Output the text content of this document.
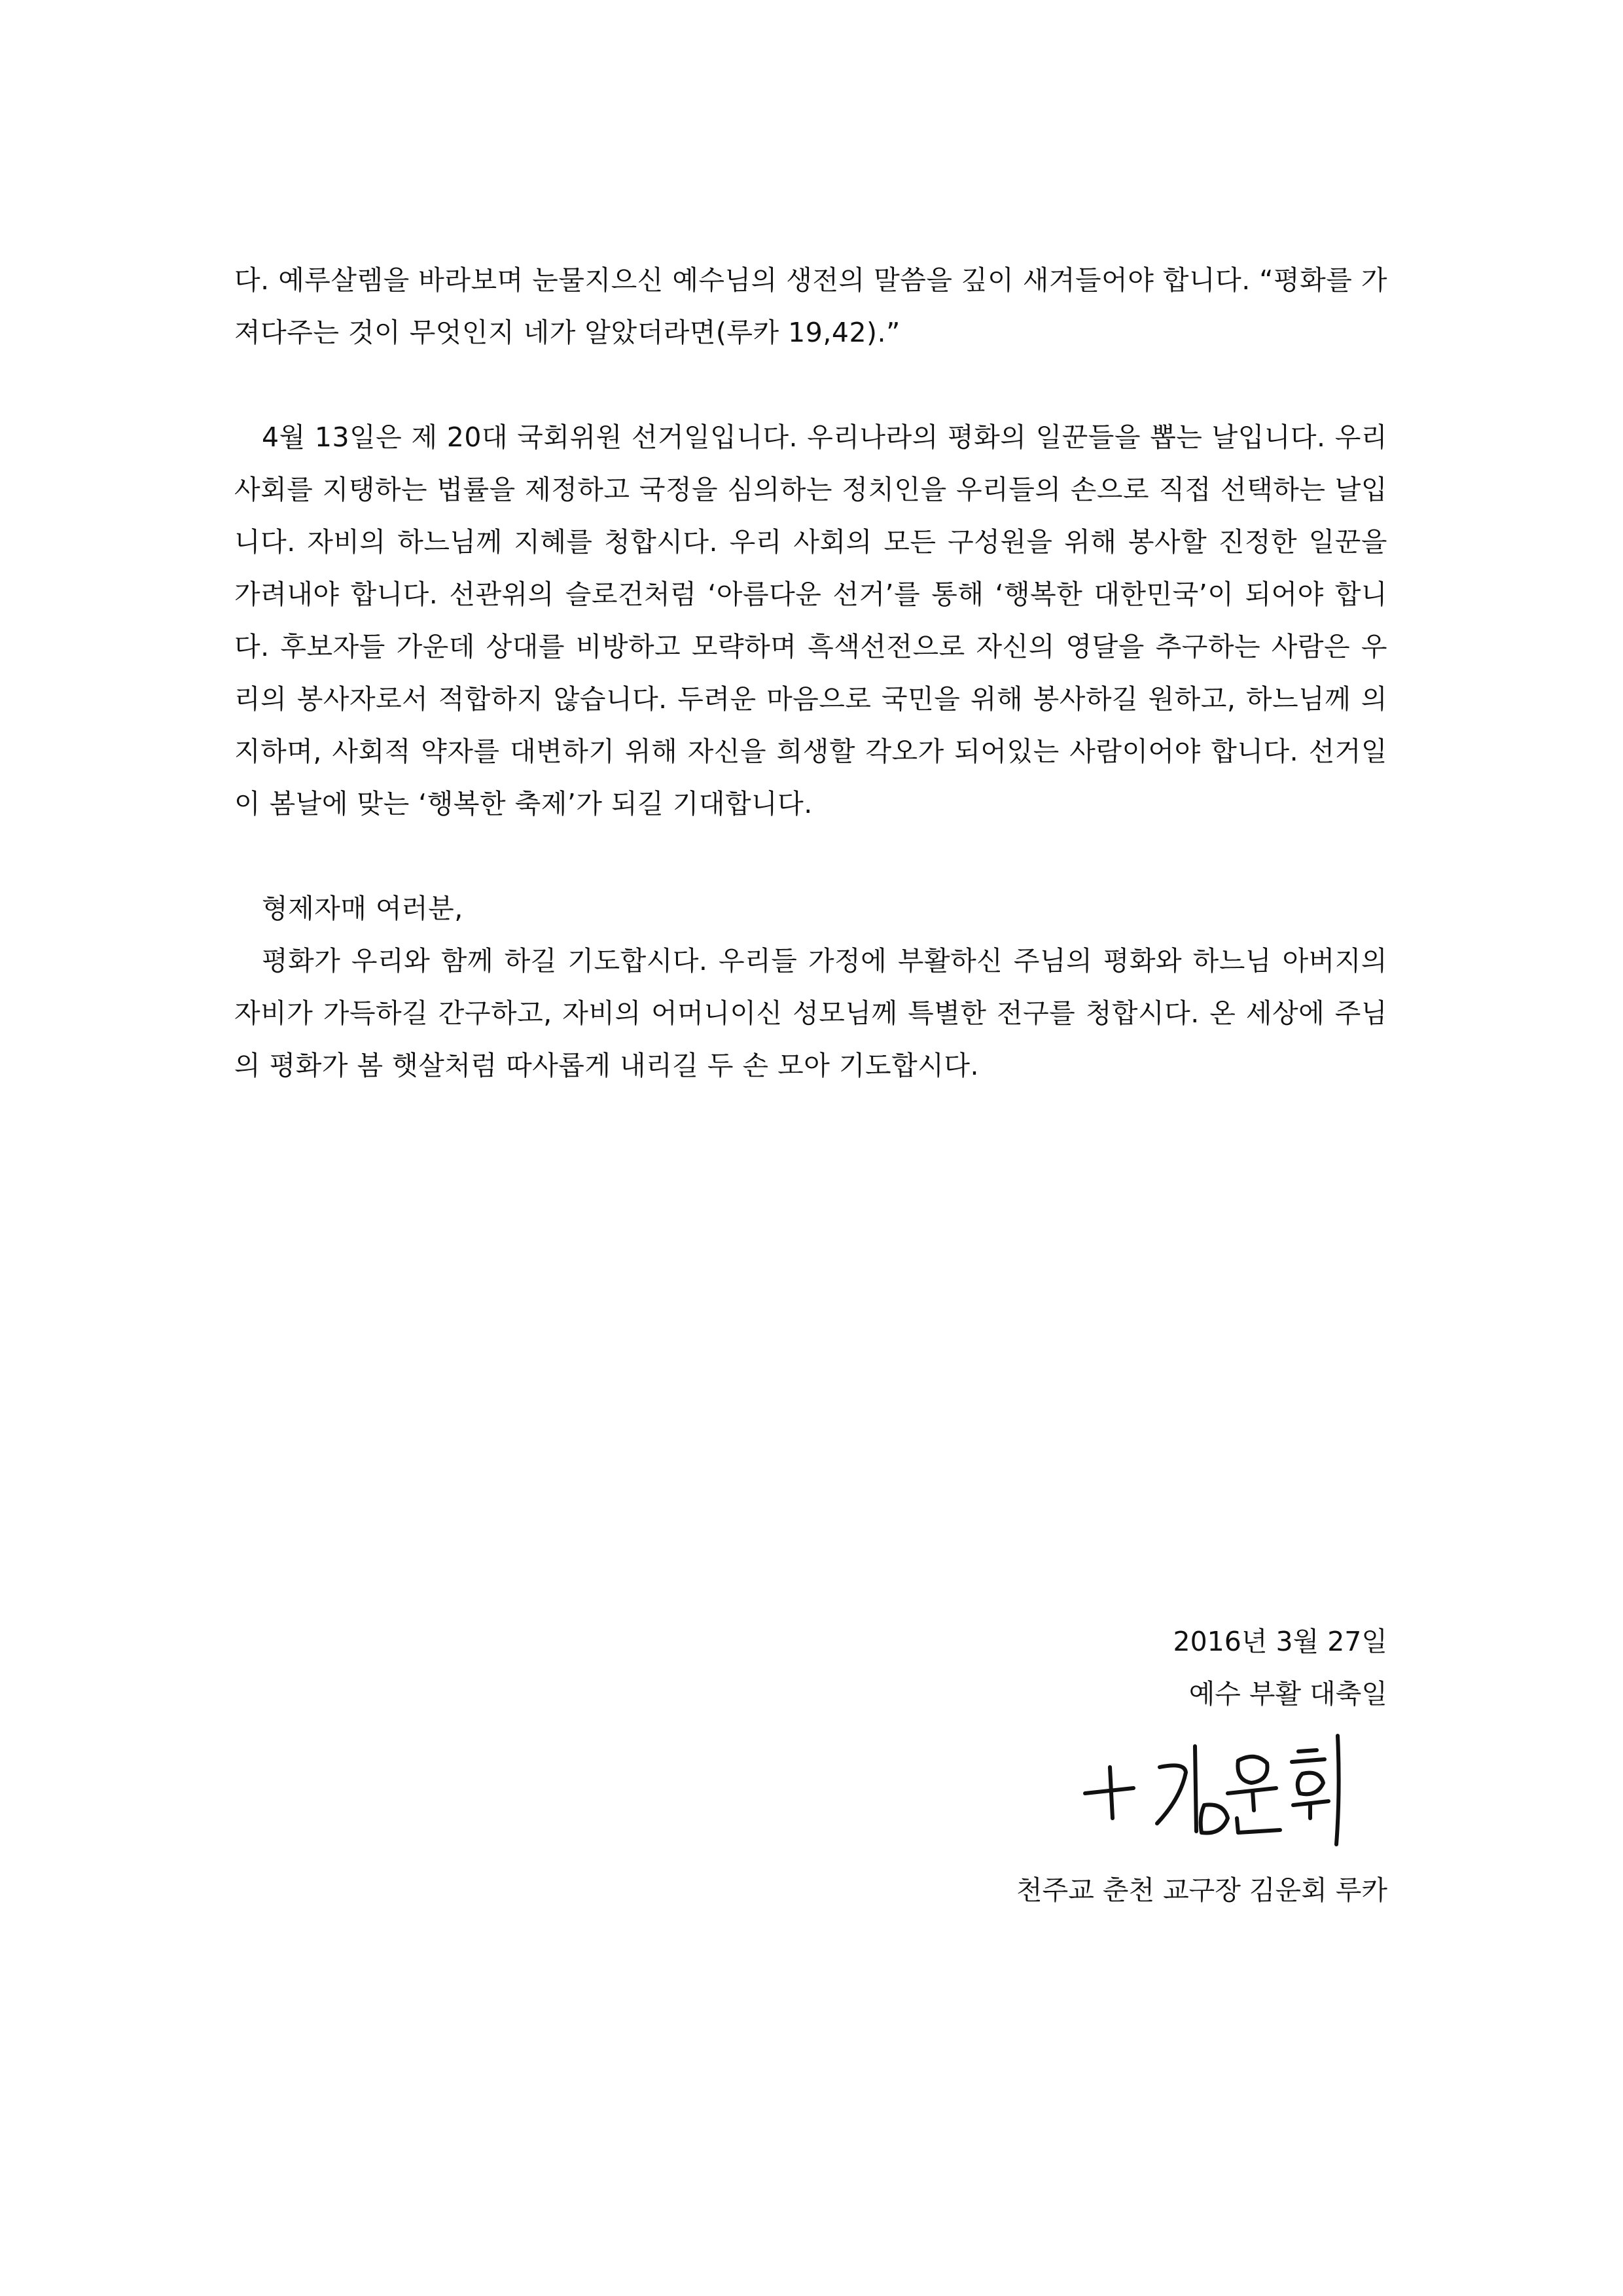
다. 예루살렘을 바라보며 눈물지으신 예수님의 생전의 말씀을 깊이 새겨들어야 합니다. “평화를 가져다주는 것이 무엇인지 네가 알았더라면(루카 19,42).”

4월 13일은 제 20대 국회위원 선거일입니다. 우리나라의 평화의 일꾼들을 뽑는 날입니다. 우리 사회를 지탱하는 법률을 제정하고 국정을 심의하는 정치인을 우리들의 손으로 직접 선택하는 날입니다. 자비의 하느님께 지혜를 청합시다. 우리 사회의 모든 구성원을 위해 봉사할 진정한 일꾼을 가려내야 합니다. 선관위의 슬로건처럼 ‘아름다운 선거’를 통해 ‘행복한 대한민국’이 되어야 합니다. 후보자들 가운데 상대를 비방하고 모략하며 흑색선전으로 자신의 영달을 추구하는 사람은 우리의 봉사자로서 적합하지 않습니다. 두려운 마음으로 국민을 위해 봉사하길 원하고, 하느님께 의지하며, 사회적 약자를 대변하기 위해 자신을 희생할 각오가 되어있는 사람이어야 합니다. 선거일이 봄날에 맞는 ‘행복한 축제’가 되길 기대합니다.

형제자매 여러분,

평화가 우리와 함께 하길 기도합시다. 우리들 가정에 부활하신 주님의 평화와 하느님 아버지의 자비가 가득하길 간구하고, 자비의 어머니이신 성모님께 특별한 전구를 청합시다. 온 세상에 주님의 평화가 봄 햇살처럼 따사롭게 내리길 두 손 모아 기도합시다.

2016년 3월 27일
예수 부활 대축일
천주교 춘천 교구장 김운회 루카
